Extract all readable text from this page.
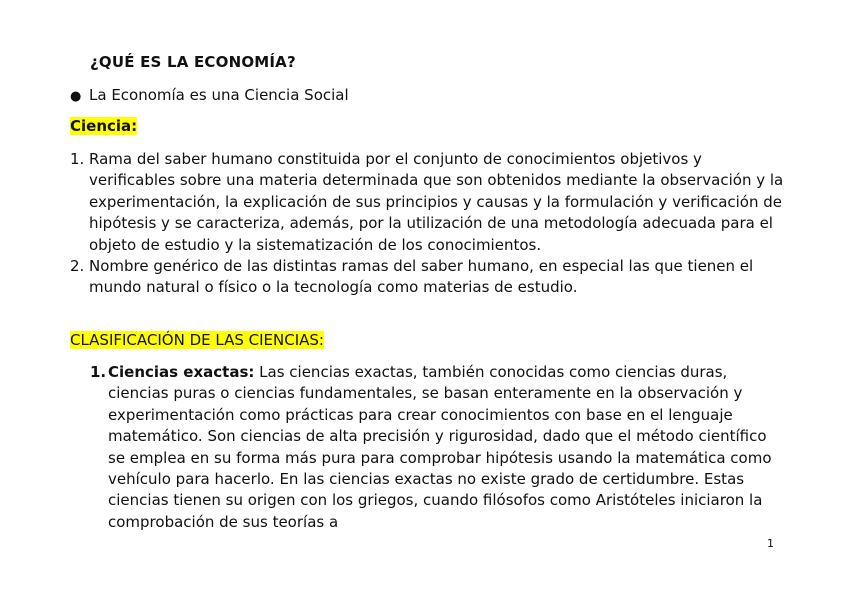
¿QUÉ ES LA ECONOMÍA?
● La Economía es una Ciencia Social
Ciencia:
1. Rama del saber humano constituida por el conjunto de conocimientos objetivos y verificables sobre una materia determinada que son obtenidos mediante la observación y la experimentación, la explicación de sus principios y causas y la formulación y verificación de hipótesis y se caracteriza, además, por la utilización de una metodología adecuada para el objeto de estudio y la sistematización de los conocimientos.
2. Nombre genérico de las distintas ramas del saber humano, en especial las que tienen el mundo natural o físico o la tecnología como materias de estudio.
CLASIFICACIÓN DE LAS CIENCIAS:
1. Ciencias exactas: Las ciencias exactas, también conocidas como ciencias duras, ciencias puras o ciencias fundamentales, se basan enteramente en la observación y experimentación como prácticas para crear conocimientos con base en el lenguaje matemático. Son ciencias de alta precisión y rigurosidad, dado que el método científico se emplea en su forma más pura para comprobar hipótesis usando la matemática como vehículo para hacerlo. En las ciencias exactas no existe grado de certidumbre. Estas ciencias tienen su origen con los griegos, cuando filósofos como Aristóteles iniciaron la comprobación de sus teorías a
1
